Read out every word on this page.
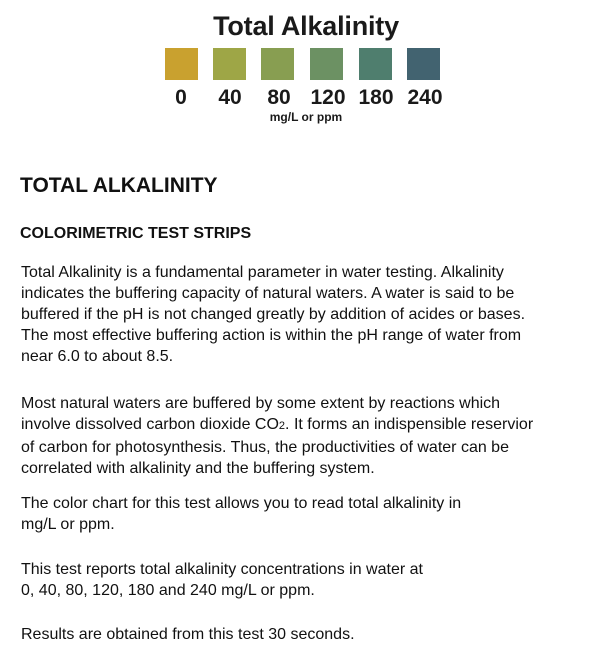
Total Alkalinity
0	40	80 120 180 240
mg/L or ppm
TOTAL ALKALINITY
COLORIMETRIC TEST STRIPS

Total Alkalinity is a fundamental parameter in water testing. Alkalinity
indicates the buffering capacity of natural waters. A water is said to be
buffered if the pH is not changed greatly by addition of acides or bases.
The most effective buffering action is within the pH range of water from
near 6.0 to about 8.5.

Most natural waters are buffered by some extent by reactions which
involve dissolved carbon dioxide CO2. It forms an indispensible reservior
of carbon for photosynthesis. Thus, the productivities of water can be
correlated with alkalinity and the buffering system.

The color chart for this test allows you to read total alkalinity in
mg/L or ppm.

This test reports total alkalinity concentrations in water at
0, 40, 80, 120, 180 and 240 mg/L or ppm.

Results are obtained from this test 30 seconds.
